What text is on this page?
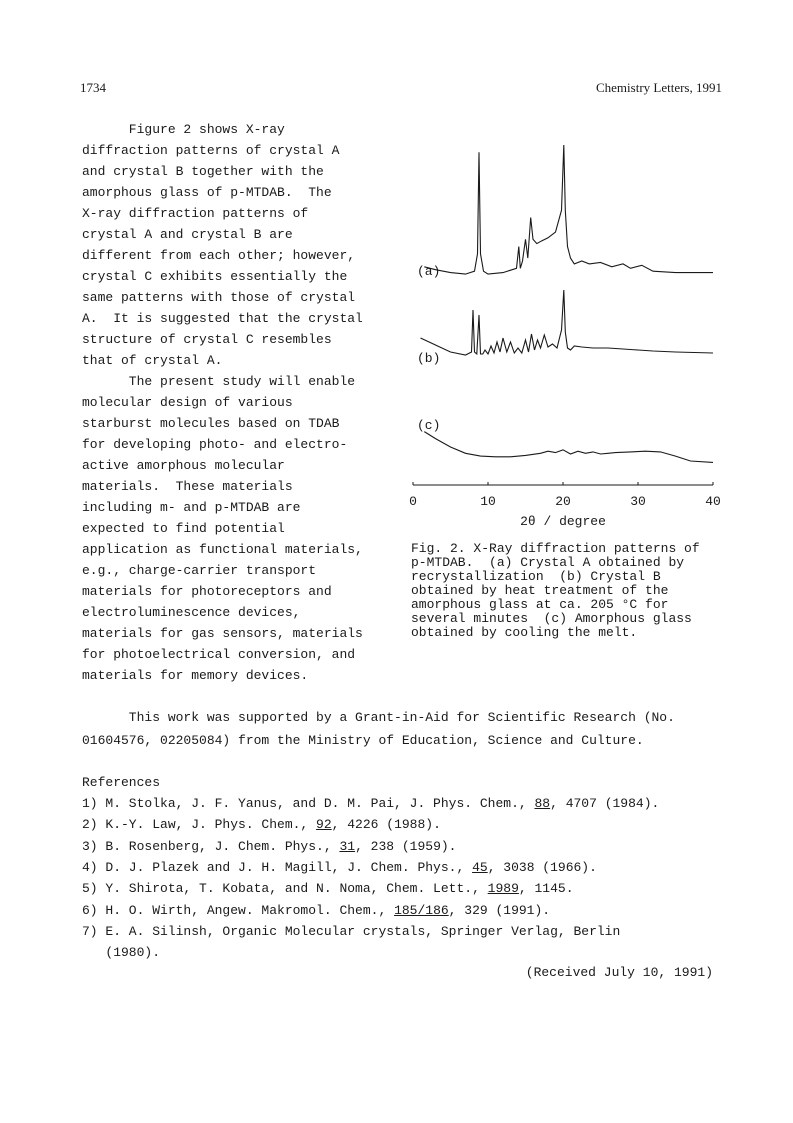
1734	Chemistry Letters, 1991
Figure 2 shows X-ray
diffraction patterns of crystal A
and crystal B together with the
amorphous glass of p-MTDAB.  The
X-ray diffraction patterns of
crystal A and crystal B are
different from each other; however,
crystal C exhibits essentially the
same patterns with those of crystal
A.  It is suggested that the crystal
structure of crystal C resembles
that of crystal A.
The present study will enable
molecular design of various
starburst molecules based on TDAB
for developing photo- and electro-
active amorphous molecular
materials.  These materials
including m- and p-MTDAB are
expected to find potential
application as functional materials,
e.g., charge-carrier transport
materials for photoreceptors and
electroluminescence devices,
materials for gas sensors, materials
for photoelectrical conversion, and
materials for memory devices.
(a)
(b)
(c)
0	10	20	30	40
2θ / degree
Fig. 2. X-Ray diffraction patterns of
p-MTDAB.  (a) Crystal A obtained by
recrystallization  (b) Crystal B
obtained by heat treatment of the
amorphous glass at ca. 205 °C for
several minutes  (c) Amorphous glass
obtained by cooling the melt.
This work was supported by a Grant-in-Aid for Scientific Research (No.
01604576, 02205084) from the Ministry of Education, Science and Culture.
References
1) M. Stolka, J. F. Yanus, and D. M. Pai, J. Phys. Chem., 88, 4707 (1984).
2) K.-Y. Law, J. Phys. Chem., 92, 4226 (1988).
3) B. Rosenberg, J. Chem. Phys., 31, 238 (1959).
4) D. J. Plazek and J. H. Magill, J. Chem. Phys., 45, 3038 (1966).
5) Y. Shirota, T. Kobata, and N. Noma, Chem. Lett., 1989, 1145.
6) H. O. Wirth, Angew. Makromol. Chem., 185/186, 329 (1991).
7) E. A. Silinsh, Organic Molecular crystals, Springer Verlag, Berlin
(1980).
(Received July 10, 1991)
